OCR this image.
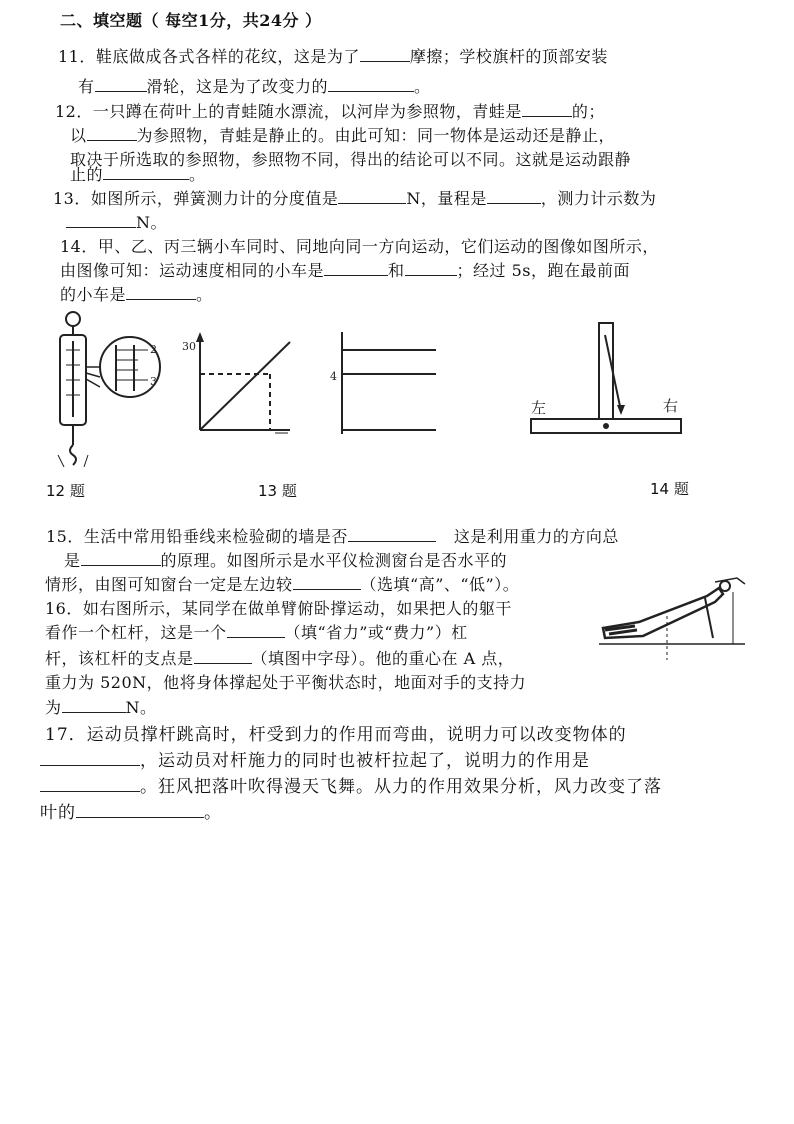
二、填空题（ 每空1分，共24分 ）
11．鞋底做成各式各样的花纹，这是为了	摩擦；学校旗杆的顶部安装
有	滑轮，这是为了改变力的	。
12．一只蹲在荷叶上的青蛙随水漂流，以河岸为参照物，青蛙是	的；
以	为参照物，青蛙是静止的。由此可知：同一物体是运动还是静止，
取决于所选取的参照物，参照物不同，得出的结论可以不同。这就是运动跟静
止的	。
13．如图所示，弹簧测力计的分度值是	N，量程是	，测力计示数为
N。
14．甲、乙、丙三辆小车同时、同地向同一方向运动，它们运动的图像如图所示，
由图像可知：运动速度相同的小车是	和	；经过 5s，跑在最前面
的小车是	。
2
3
30
4
左	右
12 题	13 题	14 题
15．生活中常用铅垂线来检验砌的墙是否	这是利用重力的方向总
是	的原理。如图所示是水平仪检测窗台是否水平的
情形，由图可知窗台一定是左边较	（选填“高”、“低”）。
16．如右图所示，某同学在做单臂俯卧撑运动，如果把人的躯干
看作一个杠杆，这是一个	（填“省力”或“费力”）杠
杆，该杠杆的支点是	（填图中字母）。他的重心在 A 点，
重力为 520N，他将身体撑起处于平衡状态时，地面对手的支持力
为	N。
17．运动员撑杆跳高时，杆受到力的作用而弯曲，说明力可以改变物体的
，运动员对杆施力的同时也被杆拉起了，说明力的作用是
。狂风把落叶吹得漫天飞舞。从力的作用效果分析，风力改变了落
叶的	。
